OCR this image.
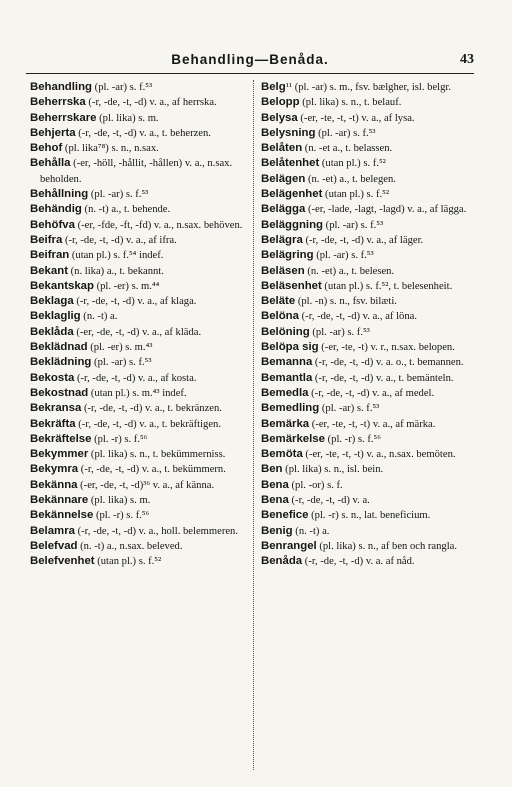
Behandling—Benåda.	43

Behandling (pl. -ar) s. f.⁵³

Beherrska (-r, -de, -t, -d) v. a., af herrska.

Beherrskare (pl. lika) s. m.

Behjerta (-r, -de, -t, -d) v. a., t. beherzen.

Behof (pl. lika⁷⁸) s. n., n.sax.

Behålla (-er, -höll, -hållit, -hållen) v. a., n.sax. beholden.

Behållning (pl. -ar) s. f.⁵³

Behändig (n. -t) a., t. behende.

Behöfva (-er, -fde, -ft, -fd) v. a., n.sax. behöven.

Beifra (-r, -de, -t, -d) v. a., af ifra.

Beifran (utan pl.) s. f.⁵⁴ indef.

Bekant (n. lika) a., t. bekannt.

Bekantskap (pl. -er) s. m.⁴⁴

Beklaga (-r, -de, -t, -d) v. a., af klaga.

Beklaglig (n. -t) a.

Beklåda (-er, -de, -t, -d) v. a., af kläda.

Beklädnad (pl. -er) s. m.⁴³

Beklädning (pl. -ar) s. f.⁵³

Bekosta (-r, -de, -t, -d) v. a., af kosta.

Bekostnad (utan pl.) s. m.⁴³ indef.

Bekransa (-r, -de, -t, -d) v. a., t. bekränzen.

Bekräfta (-r, -de, -t, -d) v. a., t. bekräftigen.

Bekräftelse (pl. -r) s. f.⁵⁶

Bekymmer (pl. lika) s. n., t. bekümmerniss.

Bekymra (-r, -de, -t, -d) v. a., t. bekümmern.

Bekänna (-er, -de, -t, -d)³⁶ v. a., af känna.

Bekännare (pl. lika) s. m.

Bekännelse (pl. -r) s. f.⁵⁶

Belamra (-r, -de, -t, -d) v. a., holl. belemmeren.

Belefvad (n. -t) a., n.sax. beleved.

Belefvenhet (utan pl.) s. f.⁵²

Belg¹¹ (pl. -ar) s. m., fsv. bælgher, isl. belgr.

Belopp (pl. lika) s. n., t. belauf.

Belysa (-er, -te, -t, -t) v. a., af lysa.

Belysning (pl. -ar) s. f.⁵³

Belåten (n. -et a., t. belassen.

Belåtenhet (utan pl.) s. f.⁵²

Belägen (n. -et) a., t. belegen.

Belägenhet (utan pl.) s. f.⁵²

Belägga (-er, -lade, -lagt, -lagd) v. a., af lägga.

Beläggning (pl. -ar) s. f.⁵³

Belägra (-r, -de, -t, -d) v. a., af läger.

Belägring (pl. -ar) s. f.⁵³

Beläsen (n. -et) a., t. belesen.

Beläsenhet (utan pl.) s. f.⁵², t. belesenheit.

Beläte (pl. -n) s. n., fsv. bilæti.

Belöna (-r, -de, -t, -d) v. a., af löna.

Belöning (pl. -ar) s. f.⁵³

Belöpa sig (-er, -te, -t) v. r., n.sax. belopen.

Bemanna (-r, -de, -t, -d) v. a. o., t. bemannen.

Bemantla (-r, -de, -t, -d) v. a., t. bemänteln.

Bemedla (-r, -de, -t, -d) v. a., af medel.

Bemedling (pl. -ar) s. f.⁵³

Bemärka (-er, -te, -t, -t) v. a., af märka.

Bemärkelse (pl. -r) s. f.⁵⁶

Bemöta (-er, -te, -t, -t) v. a., n.sax. bemöten.

Ben (pl. lika) s. n., isl. bein.

Bena (pl. -or) s. f.

Bena (-r, -de, -t, -d) v. a.

Benefice (pl. -r) s. n., lat. beneficium.

Benig (n. -t) a.

Benrangel (pl. lika) s. n., af ben och rangla.

Benåda (-r, -de, -t, -d) v. a. af nåd.
